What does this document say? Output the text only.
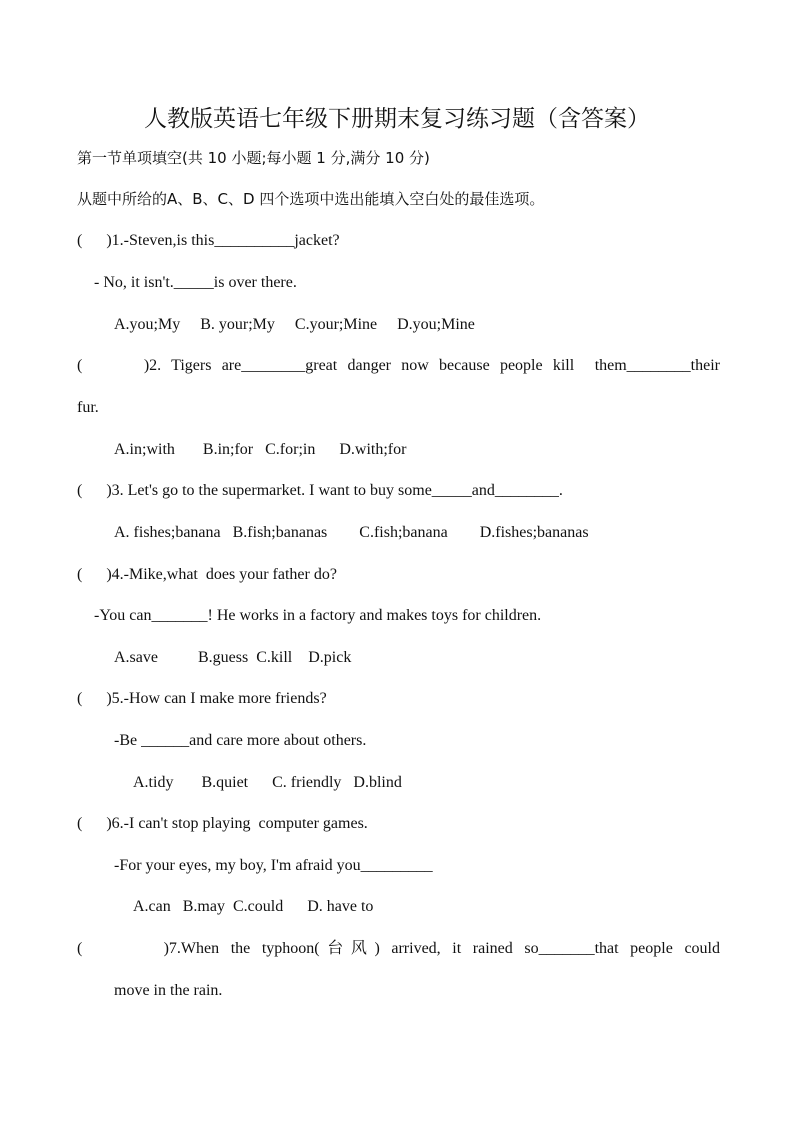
人教版英语七年级下册期末复习练习题（含答案）
第一节单项填空(共 10 小题;每小题 1 分,满分 10 分)
从题中所给的A、B、C、D 四个选项中选出能填入空白处的最佳选项。
(      )1.-Steven,is this__________jacket?
- No, it isn't._____is over there.
A.you;My     B. your;My     C.your;Mine     D.you;Mine
(      )2. Tigers are________great danger now because people kill  them________their
fur.
A.in;with       B.in;for   C.for;in      D.with;for
(      )3. Let's go to the supermarket. I want to buy some_____and________.
A. fishes;banana   B.fish;bananas        C.fish;banana        D.fishes;bananas
(      )4.-Mike,what  does your father do?
-You can_______! He works in a factory and makes toys for children.
A.save          B.guess  C.kill    D.pick
(      )5.-How can I make more friends?
-Be ______and care more about others.
A.tidy       B.quiet      C. friendly   D.blind
(      )6.-I can't stop playing  computer games.
-For your eyes, my boy, I'm afraid you_________
A.can   B.may  C.could      D. have to
(       )7.When the typhoon(台风) arrived, it rained so_______that people could
move in the rain.
